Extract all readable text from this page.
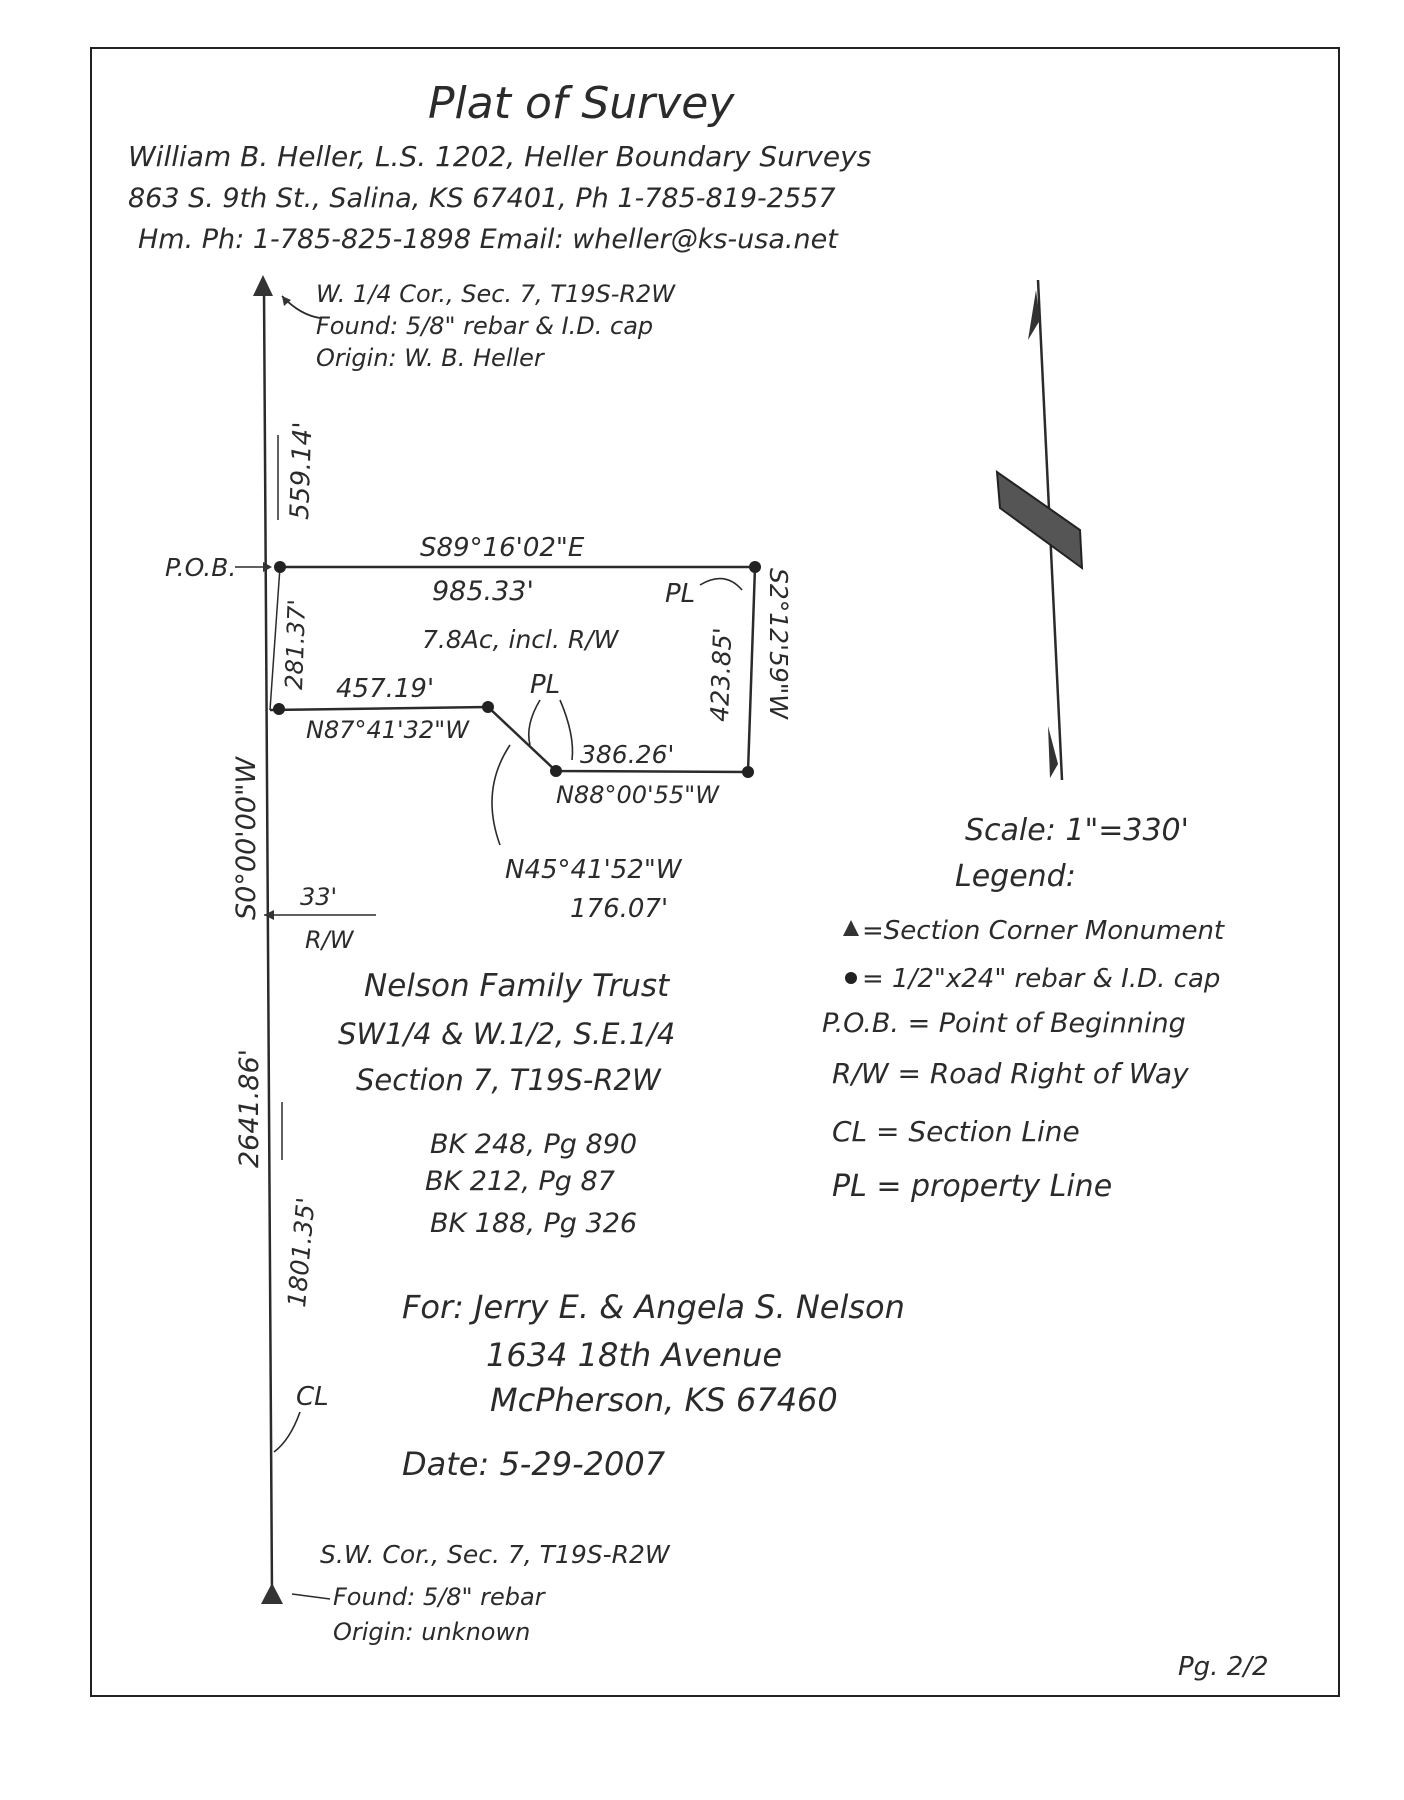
Plat of Survey
William B. Heller, L.S. 1202, Heller Boundary Surveys
863 S. 9th St., Salina, KS 67401, Ph 1-785-819-2557
Hm. Ph: 1-785-825-1898 Email: wheller@ks-usa.net
W. 1/4 Cor., Sec. 7, T19S-R2W
Found: 5/8" rebar & I.D. cap
Origin: W. B. Heller
559.14'
P.O.B.
S89°16'02"E
985.33'
7.8Ac, incl. R/W
PL
423.85' S2°12'59"W
281.37' 457.19'
N87°41'32"W
PL
386.26'
N88°00'55"W
N45°41'52"W
176.07'
33'
R/W
S0°00'00"W
2641.86'
1801.35'
CL
S.W. Cor., Sec. 7, T19S-R2W
Found: 5/8" rebar
Origin: unknown
Nelson Family Trust
SW1/4 & W.1/2, S.E.1/4
Section 7, T19S-R2W
BK 248, Pg 890
BK 212, Pg 87
BK 188, Pg 326
For: Jerry E. & Angela S. Nelson
1634 18th Avenue
McPherson, KS 67460
Date: 5-29-2007
Scale: 1"=330'
Legend:
=Section Corner Monument
= 1/2"x24" rebar & I.D. cap
P.O.B. = Point of Beginning
R/W = Road Right of Way
CL = Section Line
PL = property Line
Pg. 2/2
